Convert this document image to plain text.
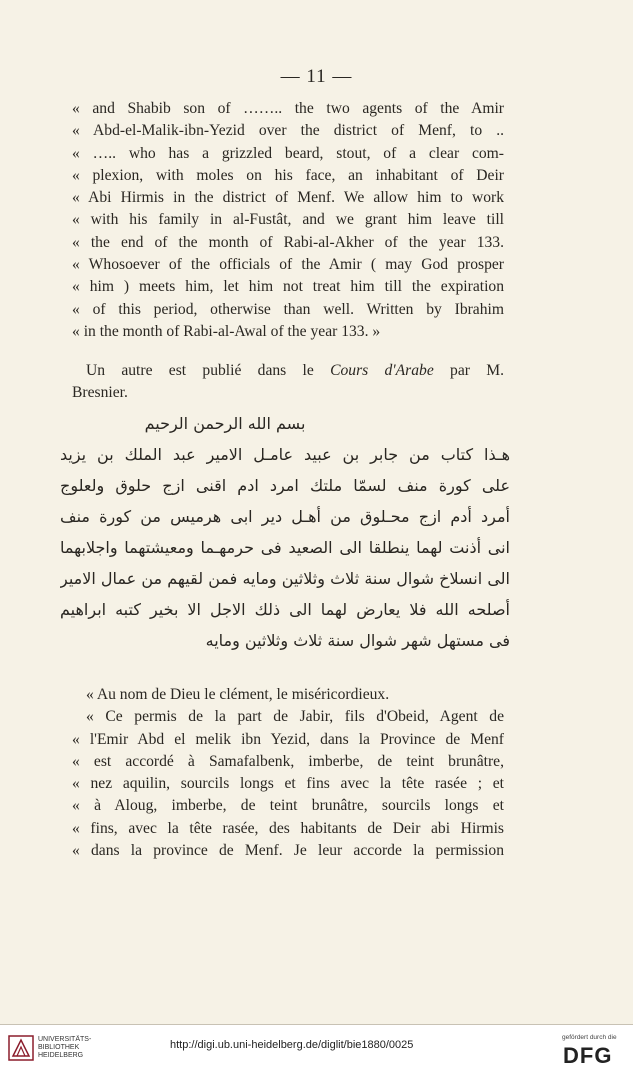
— 11 —
« and Shabib son of …….. the two agents of the Amir
« Abd-el-Malik-ibn-Yezid over the district of Menf, to ..
« ….. who has a grizzled beard, stout, of a clear com-
« plexion, with moles on his face, an inhabitant of Deir
« Abi Hirmis in the district of Menf. We allow him to work
« with his family in al-Fustât, and we grant him leave till
« the end of the month of Rabi-al-Akher of the year 133.
« Whosoever of the officials of the Amir ( may God prosper
« him ) meets him, let him not treat him till the expiration
« of this period, otherwise than well. Written by Ibrahim
« in the month of Rabi-al-Awal of the year 133. »
Un autre est publié dans le Cours d'Arabe par M.
Bresnier.
بسم الله الرحمن الرحيم
هـذا كتاب من جابر بن عبيد عامـل الامير عبد الملك بن يزيد
على كورة منف لسمّا ملتك امرد ادم اقنى ازج حلوق ولعلوج
أمرد أدم ازج محـلوق من أهـل دير ابى هرميس من كورة منف
انى أذنت لهما ينطلقا الى الصعيد فى حرمهـما ومعيشتهما واجلابهما
الى انسلاخ شوال سنة ثلاث وثلاثين ومايه فمن لقيهم من عمال الامير
أصلحه الله فلا يعارض لهما الى ذلك الاجل الا بخير كتبه ابراهيم
فى مستهل شهر شوال سنة ثلاث وثلاثين ومايه
« Au nom de Dieu le clément, le miséricordieux.
« Ce permis de la part de Jabir, fils d'Obeid, Agent de
« l'Emir Abd el melik ibn Yezid, dans la Province de Menf
« est accordé à Samafalbenk, imberbe, de teint brunâtre,
« nez aquilin, sourcils longs et fins avec la tête rasée ; et
« à Aloug, imberbe, de teint brunâtre, sourcils longs et
« fins, avec la tête rasée, des habitants de Deir abi Hirmis
« dans la province de Menf. Je leur accorde la permission
UNIVERSITÄTS-
BIBLIOTHEK
HEIDELBERG
http://digi.ub.uni-heidelberg.de/diglit/bie1880/0025
gefördert durch die
DFG
